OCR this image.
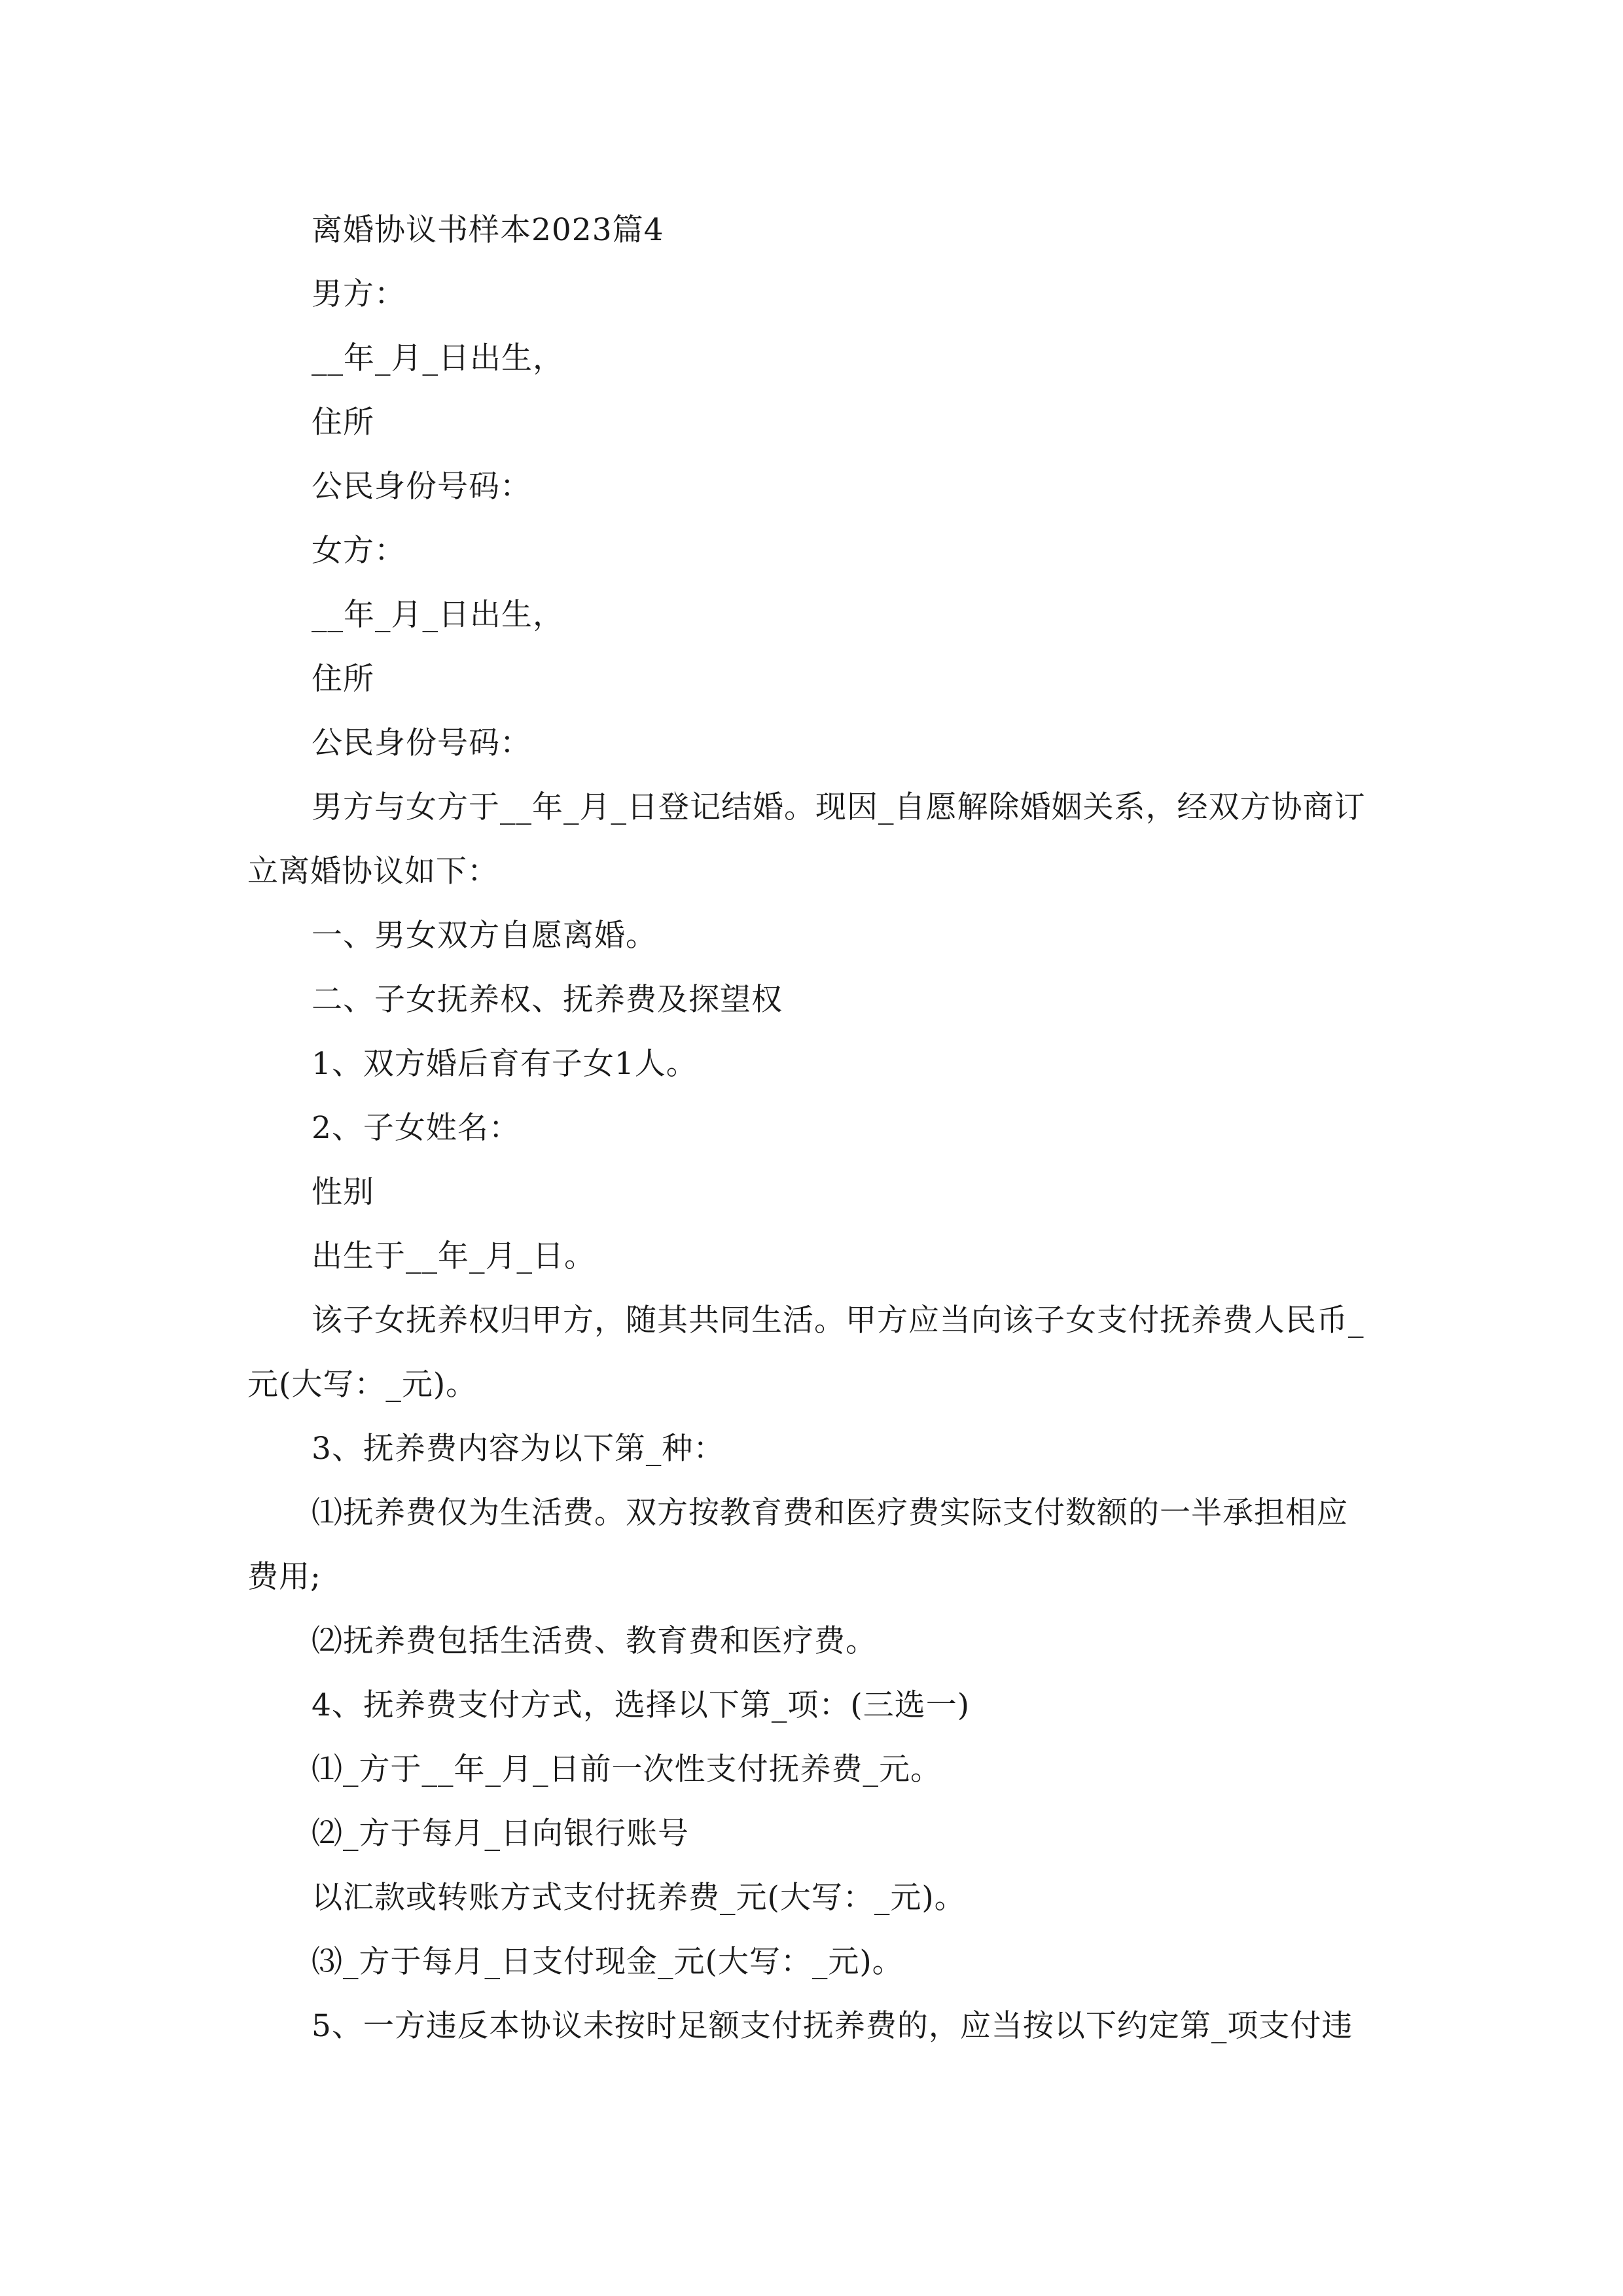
离婚协议书样本2023篇4

男方：

__年_月_日出生，

住所

公民身份号码：

女方：

__年_月_日出生，

住所

公民身份号码：

男方与女方于__年_月_日登记结婚。现因_自愿解除婚姻关系，经双方协商订立离婚协议如下：

一、男女双方自愿离婚。

二、子女抚养权、抚养费及探望权

1、双方婚后育有子女1人。

2、子女姓名：

性别

出生于__年_月_日。

该子女抚养权归甲方，随其共同生活。甲方应当向该子女支付抚养费人民币_元(大写：_元)。

3、抚养费内容为以下第_种：

⑴抚养费仅为生活费。双方按教育费和医疗费实际支付数额的一半承担相应费用;

⑵抚养费包括生活费、教育费和医疗费。

4、抚养费支付方式，选择以下第_项：(三选一)

⑴_方于__年_月_日前一次性支付抚养费_元。

⑵_方于每月_日向银行账号

以汇款或转账方式支付抚养费_元(大写：_元)。

⑶_方于每月_日支付现金_元(大写：_元)。

5、一方违反本协议未按时足额支付抚养费的，应当按以下约定第_项支付违
